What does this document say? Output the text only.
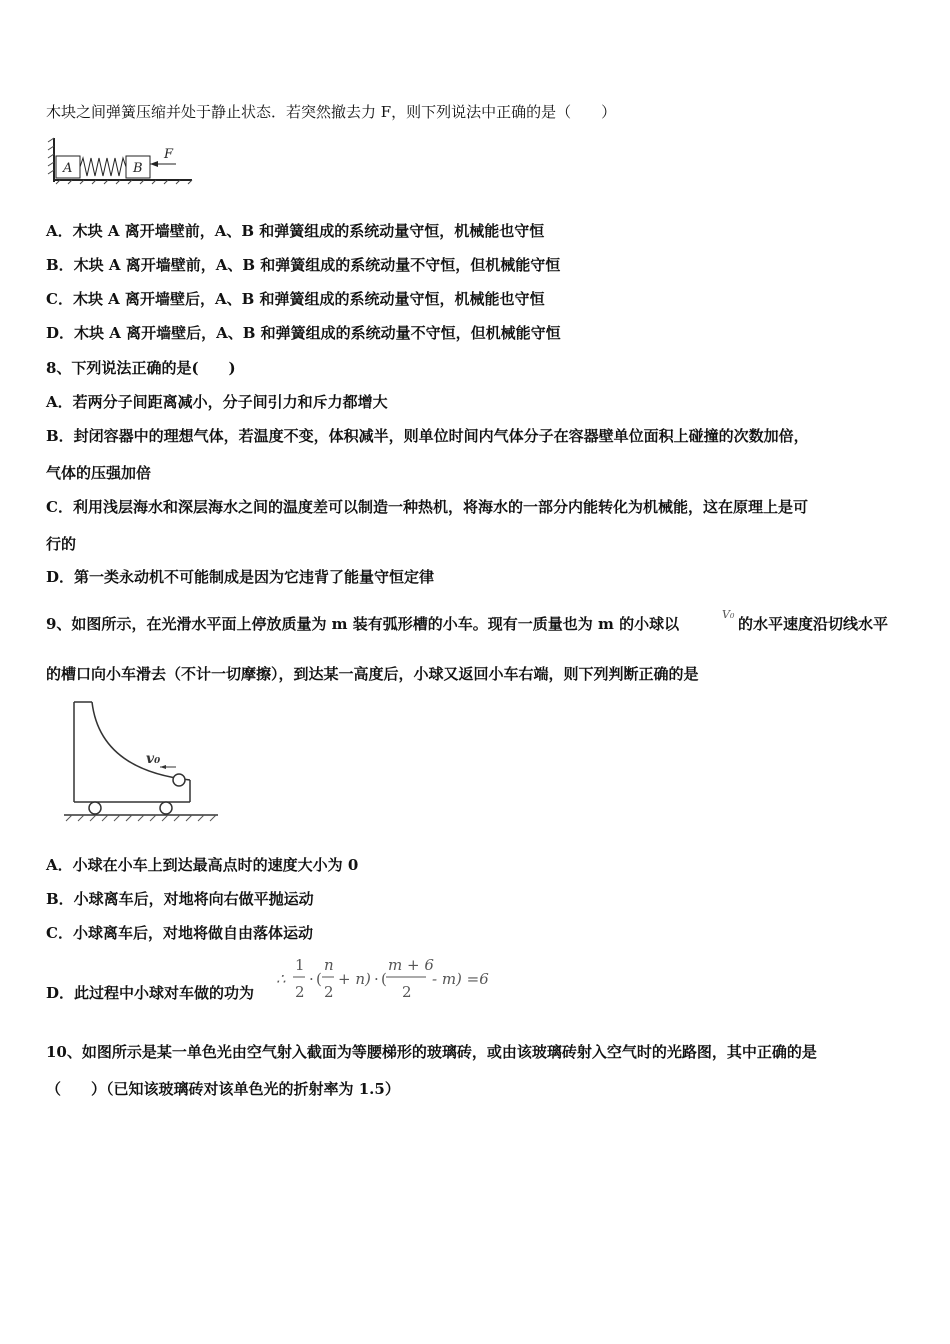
木块之间弹簧压缩并处于静止状态．若突然撤去力 F，则下列说法中正确的是（　　）
A	B
F
A．木块 A 离开墙壁前，A、B 和弹簧组成的系统动量守恒，机械能也守恒
B．木块 A 离开墙壁前，A、B 和弹簧组成的系统动量不守恒，但机械能守恒
C．木块 A 离开墙壁后，A、B 和弹簧组成的系统动量守恒，机械能也守恒
D．木块 A 离开墙壁后，A、B 和弹簧组成的系统动量不守恒，但机械能守恒
8、下列说法正确的是(　　)
A．若两分子间距离减小，分子间引力和斥力都增大
B．封闭容器中的理想气体，若温度不变，体积减半，则单位时间内气体分子在容器壁单位面积上碰撞的次数加倍，
气体的压强加倍
C．利用浅层海水和深层海水之间的温度差可以制造一种热机，将海水的一部分内能转化为机械能，这在原理上是可
行的
D．第一类永动机不可能制成是因为它违背了能量守恒定律
9、如图所示，在光滑水平面上停放质量为 m 装有弧形槽的小车。现有一质量也为 m 的小球以
V₀
的水平速度沿切线水平
的槽口向小车滑去（不计一切摩擦），到达某一高度后，小球又返回小车右端，则下列判断正确的是
v₀
A．小球在小车上到达最高点时的速度大小为 0
B．小球离车后，对地将向右做平抛运动
C．小球离车后，对地将做自由落体运动
D．此过程中小球对车做的功为
∴
1
2
· (
n
2
+ n) · (
m + 6
2
- m) =6
10、如图所示是某一单色光由空气射入截面为等腰梯形的玻璃砖，或由该玻璃砖射入空气时的光路图，其中正确的是
（　　）（已知该玻璃砖对该单色光的折射率为 1.5）
